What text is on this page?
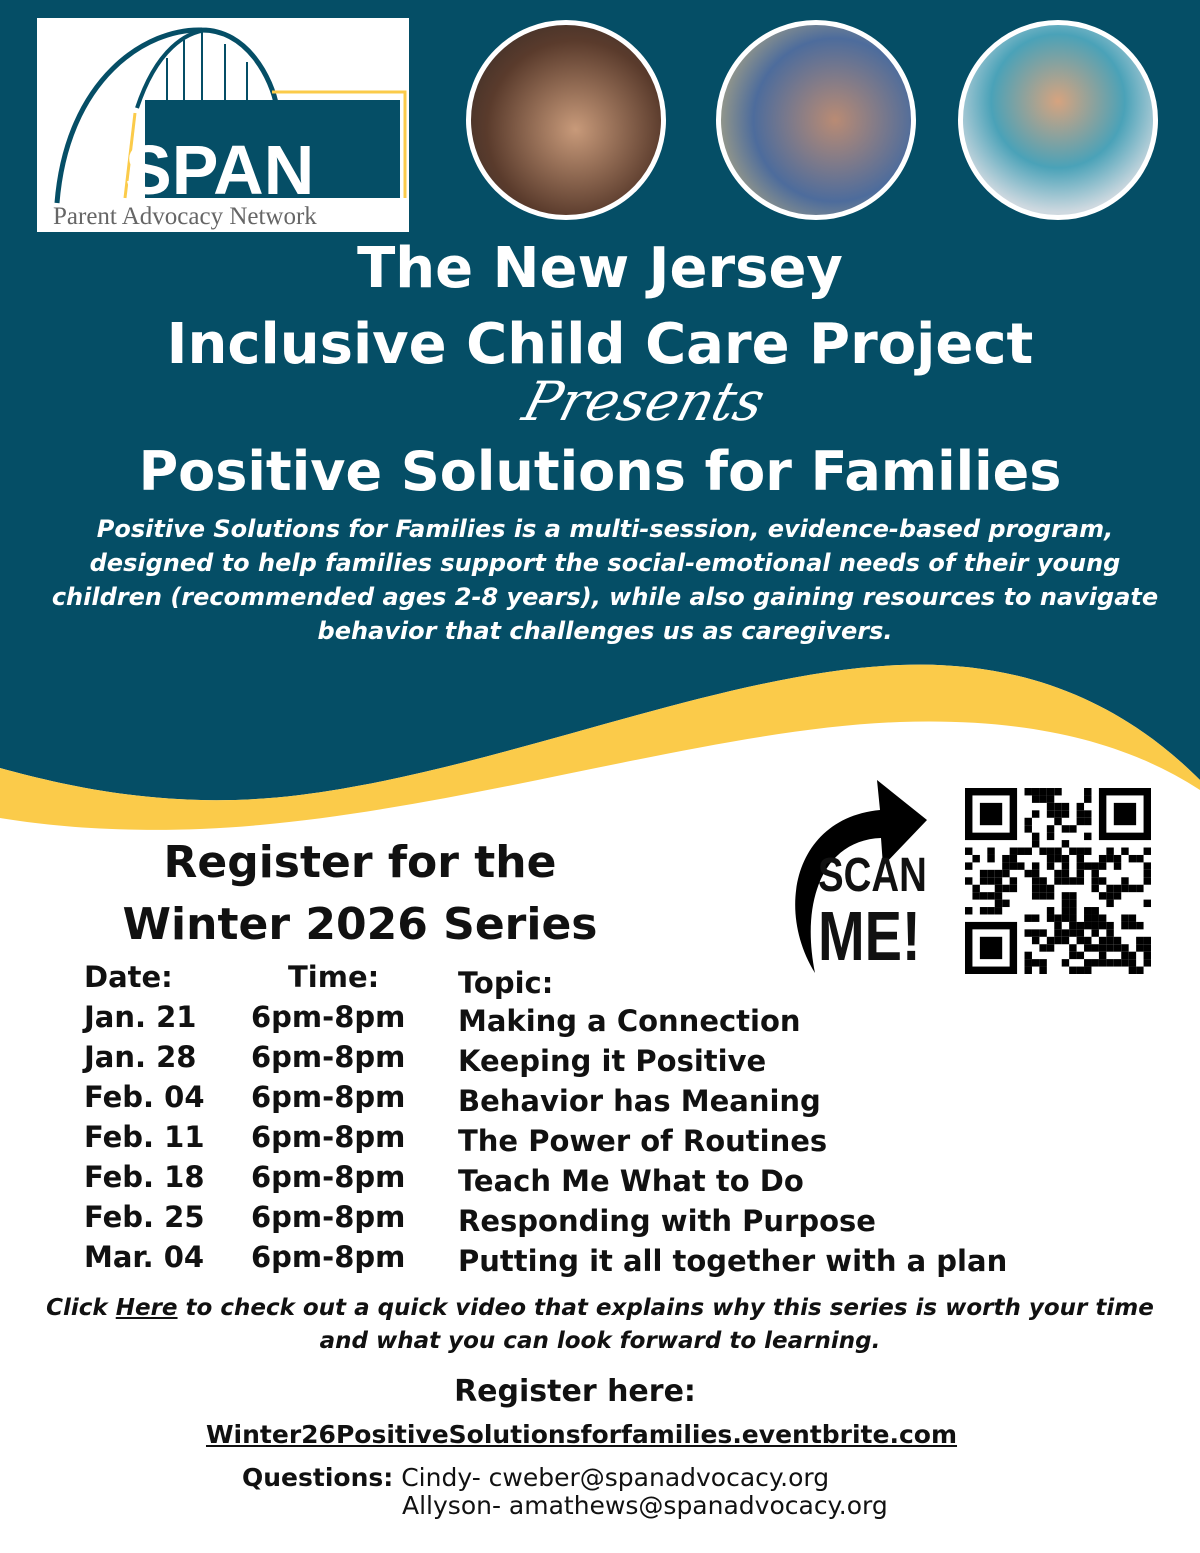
SPAN
Parent Advocacy Network
The New Jersey
Inclusive Child Care Project
Presents
Positive Solutions for Families
Positive Solutions for Families is a multi-session, evidence-based program, designed to help families support the social-emotional needs of their young children (recommended ages 2-8 years), while also gaining resources to navigate behavior that challenges us as caregivers.
Register for the
Winter 2026 Series
SCAN
ME!
Date:	Time:	Topic:
Jan. 21 6pm-8pm Making a Connection
Jan. 28 6pm-8pm Keeping it Positive
Feb. 04 6pm-8pm Behavior has Meaning
Feb. 11 6pm-8pm The Power of Routines
Feb. 18 6pm-8pm Teach Me What to Do
Feb. 25 6pm-8pm Responding with Purpose
Mar. 04 6pm-8pm Putting it all together with a plan
Click Here to check out a quick video that explains why this series is worth your time and what you can look forward to learning.
Register here:
Winter26PositiveSolutionsforfamilies.eventbrite.com
Questions: Cindy- cweber@spanadvocacy.org
Allyson- amathews@spanadvocacy.org
